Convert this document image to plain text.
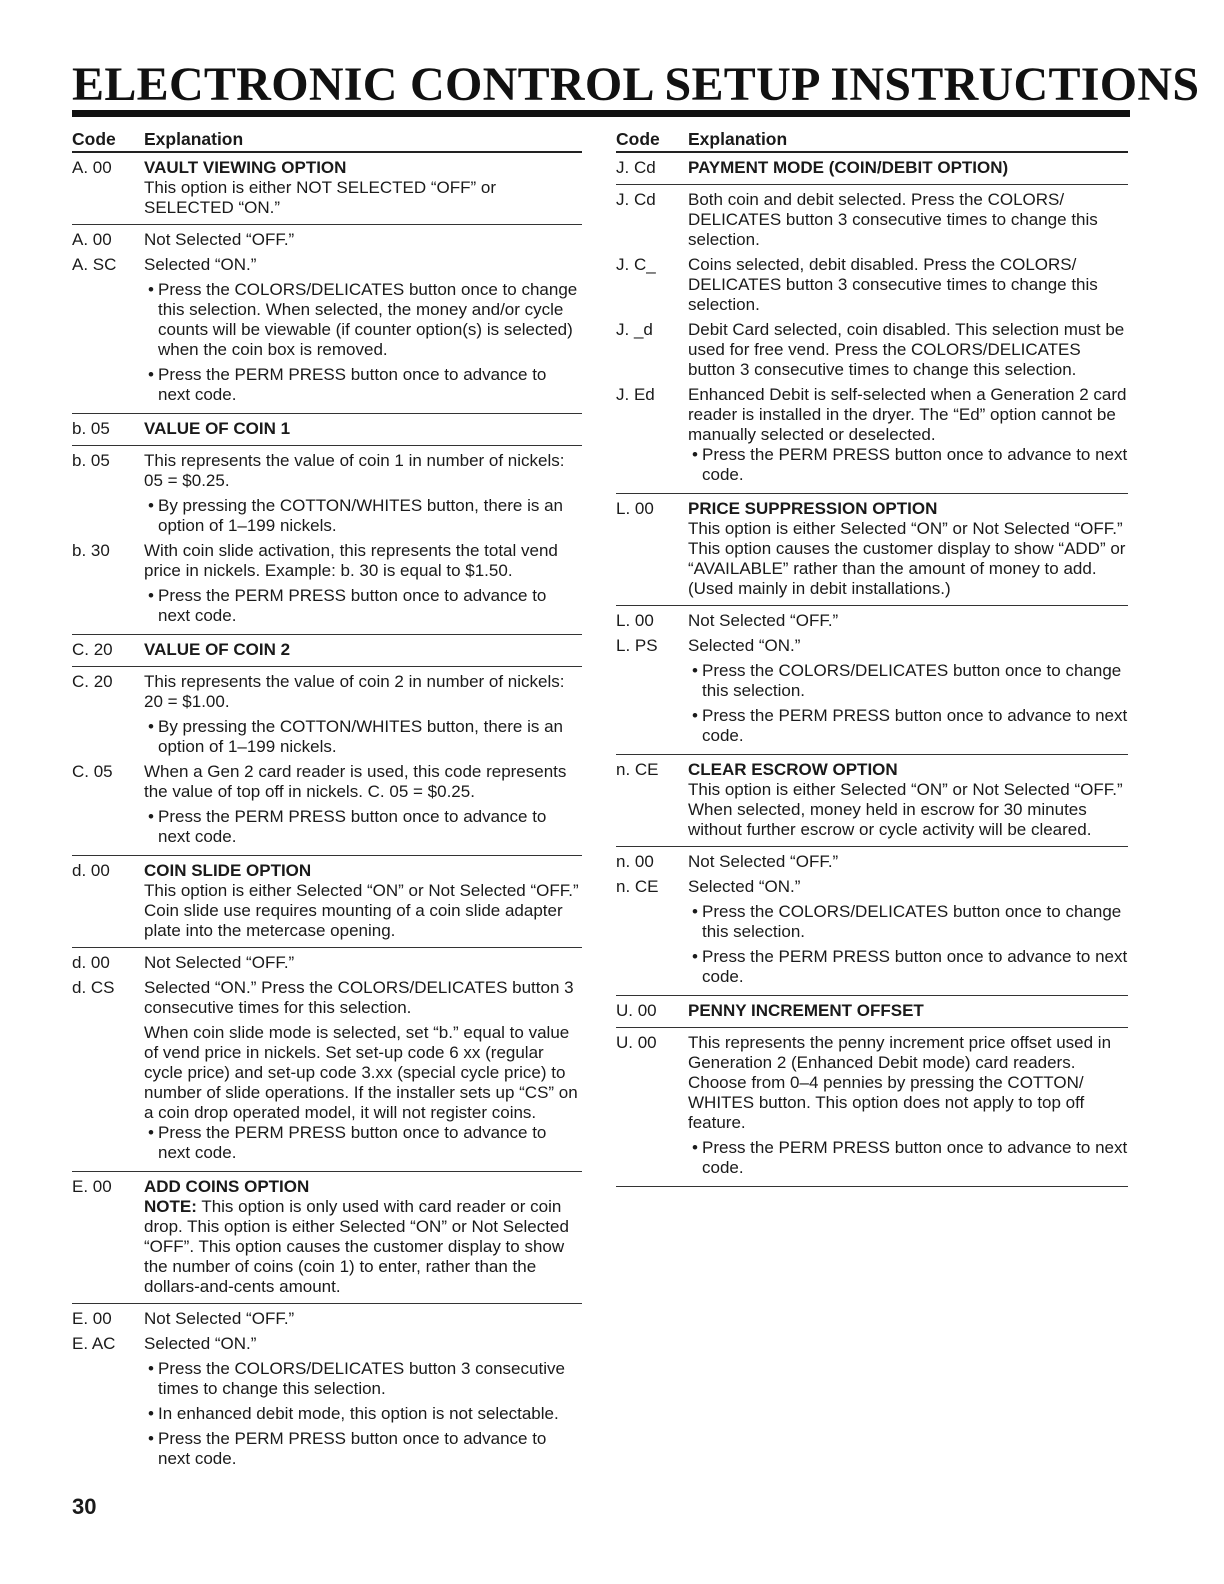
ELECTRONIC CONTROL SETUP INSTRUCTIONS
Code	Explanation
A. 00	VAULT VIEWING OPTION
This option is either NOT SELECTED “OFF” or SELECTED “ON.”
A. 00	Not Selected “OFF.”
A. SC	Selected “ON.”
• Press the COLORS/DELICATES button once to change this selection. When selected, the money and/or cycle counts will be viewable (if counter option(s) is selected) when the coin box is removed.
• Press the PERM PRESS button once to advance to next code.
b. 05	VALUE OF COIN 1
b. 05	This represents the value of coin 1 in number of nickels: 05 = $0.25.
• By pressing the COTTON/WHITES button, there is an option of 1–199 nickels.
b. 30	With coin slide activation, this represents the total vend price in nickels. Example: b. 30 is equal to $1.50.
• Press the PERM PRESS button once to advance to next code.
C. 20	VALUE OF COIN 2
C. 20	This represents the value of coin 2 in number of nickels: 20 = $1.00.
• By pressing the COTTON/WHITES button, there is an option of 1–199 nickels.
C. 05	When a Gen 2 card reader is used, this code represents the value of top off in nickels. C. 05 = $0.25.
• Press the PERM PRESS button once to advance to next code.
d. 00	COIN SLIDE OPTION
This option is either Selected “ON” or Not Selected “OFF.” Coin slide use requires mounting of a coin slide adapter plate into the metercase opening.
d. 00	Not Selected “OFF.”
d. CS	Selected “ON.” Press the COLORS/DELICATES button 3 consecutive times for this selection.
When coin slide mode is selected, set “b.” equal to value of vend price in nickels. Set set-up code 6 xx (regular cycle price) and set-up code 3.xx (special cycle price) to number of slide operations. If the installer sets up “CS” on a coin drop operated model, it will not register coins.
• Press the PERM PRESS button once to advance to next code.
E. 00	ADD COINS OPTION
NOTE: This option is only used with card reader or coin drop. This option is either Selected “ON” or Not Selected “OFF”. This option causes the customer display to show the number of coins (coin 1) to enter, rather than the dollars-and-cents amount.
E. 00	Not Selected “OFF.”
E. AC	Selected “ON.”
• Press the COLORS/DELICATES button 3 consecutive times to change this selection.
• In enhanced debit mode, this option is not selectable.
• Press the PERM PRESS button once to advance to next code.
Code	Explanation
J. Cd	PAYMENT MODE (COIN/DEBIT OPTION)
J. Cd	Both coin and debit selected. Press the COLORS/ DELICATES button 3 consecutive times to change this selection.
J. C_	Coins selected, debit disabled. Press the COLORS/ DELICATES button 3 consecutive times to change this selection.
J. _d	Debit Card selected, coin disabled. This selection must be used for free vend. Press the COLORS/DELICATES button 3 consecutive times to change this selection.
J. Ed	Enhanced Debit is self-selected when a Generation 2 card reader is installed in the dryer. The “Ed” option cannot be manually selected or deselected.
• Press the PERM PRESS button once to advance to next code.
L. 00	PRICE SUPPRESSION OPTION
This option is either Selected “ON” or Not Selected “OFF.” This option causes the customer display to show “ADD” or “AVAILABLE” rather than the amount of money to add. (Used mainly in debit installations.)
L. 00	Not Selected “OFF.”
L. PS	Selected “ON.”
• Press the COLORS/DELICATES button once to change this selection.
• Press the PERM PRESS button once to advance to next code.
n. CE	CLEAR ESCROW OPTION
This option is either Selected “ON” or Not Selected “OFF.” When selected, money held in escrow for 30 minutes without further escrow or cycle activity will be cleared.
n. 00	Not Selected “OFF.”
n. CE	Selected “ON.”
• Press the COLORS/DELICATES button once to change this selection.
• Press the PERM PRESS button once to advance to next code.
U. 00	PENNY INCREMENT OFFSET
U. 00	This represents the penny increment price offset used in Generation 2 (Enhanced Debit mode) card readers. Choose from 0–4 pennies by pressing the COTTON/ WHITES button. This option does not apply to top off feature.
• Press the PERM PRESS button once to advance to next code.
30
